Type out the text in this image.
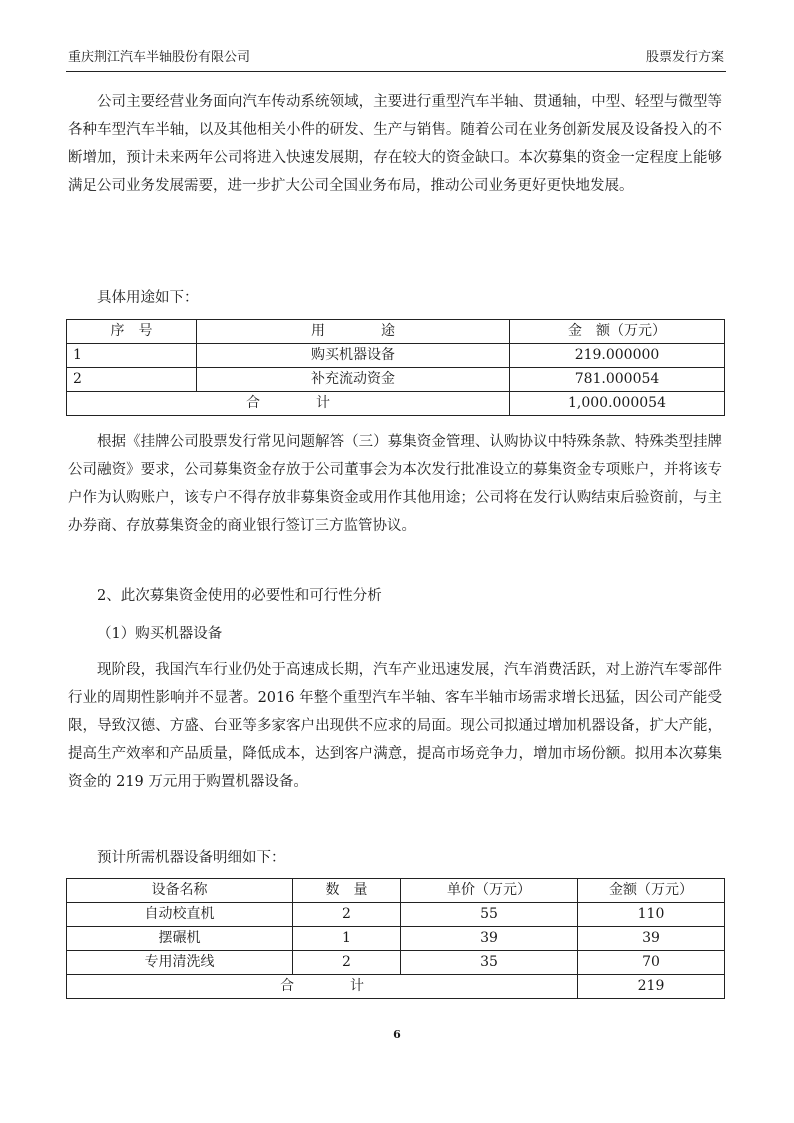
重庆荆江汽车半轴股份有限公司	股票发行方案

公司主要经营业务面向汽车传动系统领域，主要进行重型汽车半轴、贯通轴，中型、轻型与微型等各种车型汽车半轴，以及其他相关小件的研发、生产与销售。随着公司在业务创新发展及设备投入的不断增加，预计未来两年公司将进入快速发展期，存在较大的资金缺口。本次募集的资金一定程度上能够满足公司业务发展需要，进一步扩大公司全国业务布局，推动公司业务更好更快地发展。

具体用途如下：

序　号	用　　　　途	金　额（万元）
1	购买机器设备	219.000000
2	补充流动资金	781.000054
合　　　　计		1,000.000054

根据《挂牌公司股票发行常见问题解答（三）募集资金管理、认购协议中特殊条款、特殊类型挂牌公司融资》要求，公司募集资金存放于公司董事会为本次发行批准设立的募集资金专项账户，并将该专户作为认购账户，该专户不得存放非募集资金或用作其他用途；公司将在发行认购结束后验资前，与主办券商、存放募集资金的商业银行签订三方监管协议。

2、此次募集资金使用的必要性和可行性分析

（1）购买机器设备

现阶段，我国汽车行业仍处于高速成长期，汽车产业迅速发展，汽车消费活跃，对上游汽车零部件行业的周期性影响并不显著。2016 年整个重型汽车半轴、客车半轴市场需求增长迅猛，因公司产能受限，导致汉德、方盛、台亚等多家客户出现供不应求的局面。现公司拟通过增加机器设备，扩大产能，提高生产效率和产品质量，降低成本，达到客户满意，提高市场竞争力，增加市场份额。拟用本次募集资金的 219 万元用于购置机器设备。

预计所需机器设备明细如下：

设备名称	数　量	单价（万元）	金额（万元）
自动校直机	2	55	110
摆碾机	1	39	39
专用清洗线	2	35	70
合　　　　计			219
6
